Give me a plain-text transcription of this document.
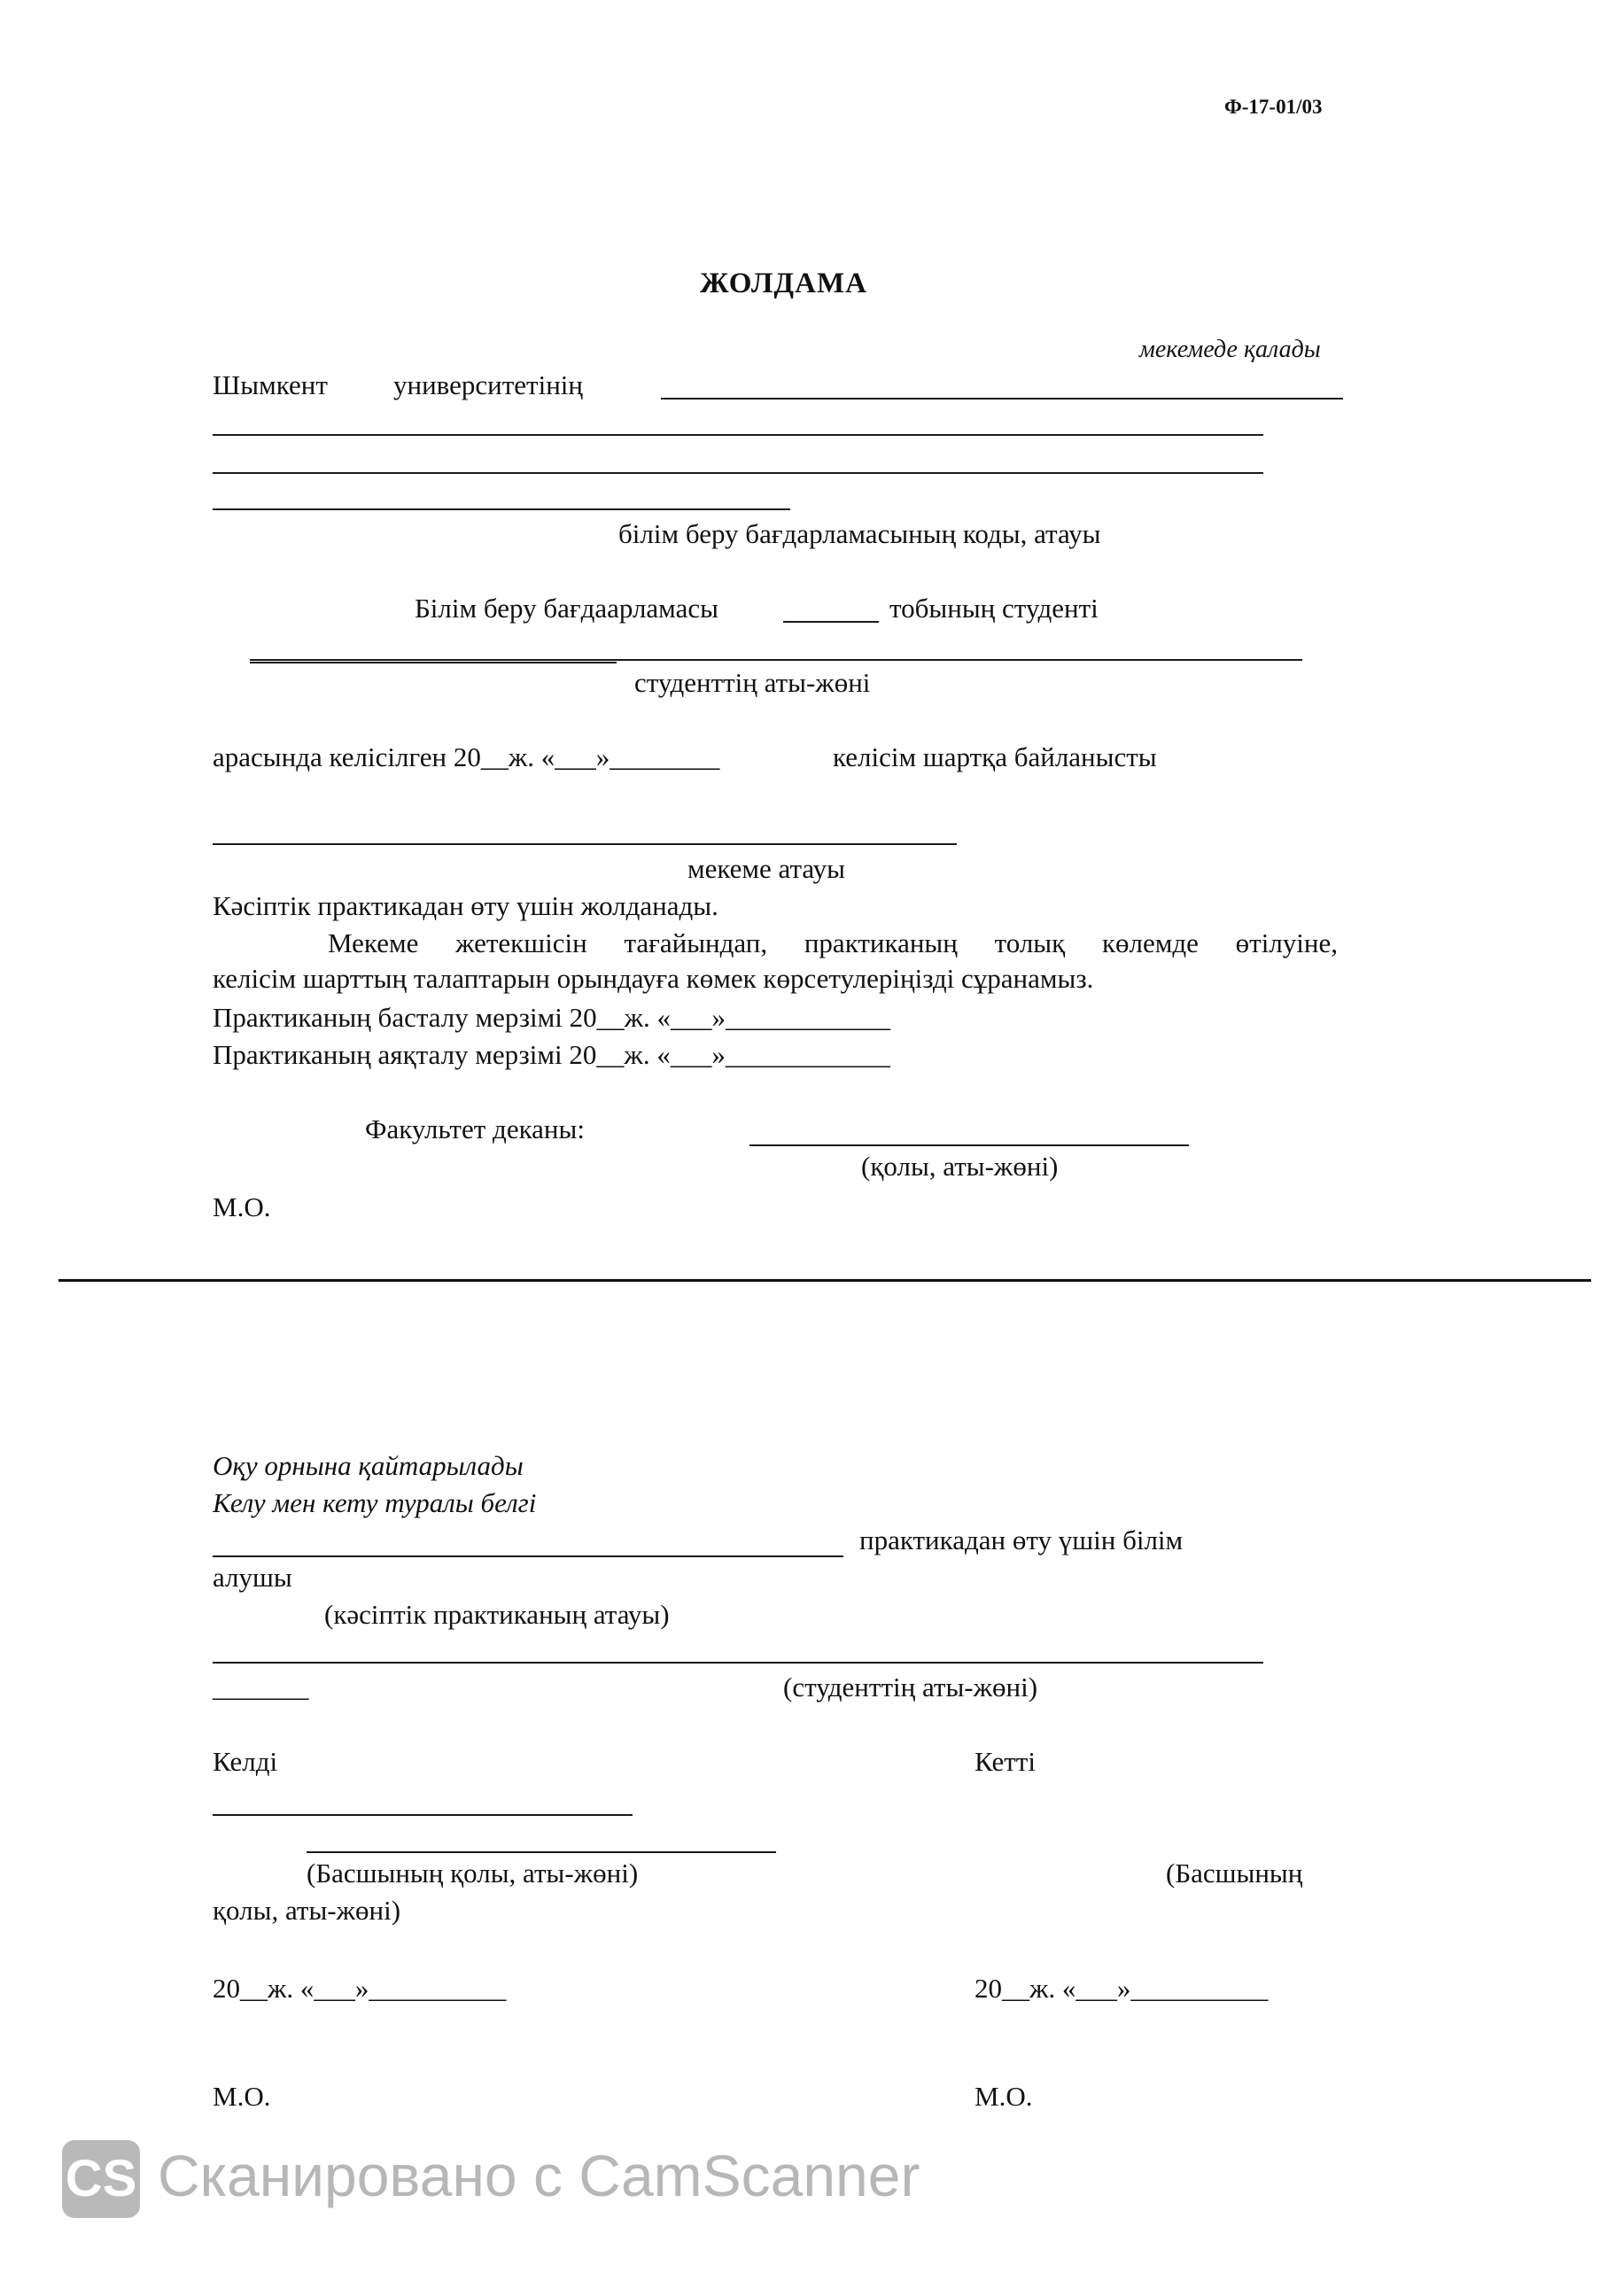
Ф-17-01/03
ЖОЛДАМА
мекемеде қалады
Шымкент университетінің
білім беру бағдарламасының коды, атауы
Білім беру бағдаарламасы	тобының студенті
студенттің аты-жөні
арасында келісілген 20__ж. «___»________	келісім шартқа байланысты
мекеме атауы
Кәсіптік практикадан өту үшін жолданады.
Мекеме жетекшісін тағайындап, практиканың толық көлемде өтілуіне,
келісім шарттың талаптарын орындауға көмек көрсетулеріңізді сұранамыз.
Практиканың басталу мерзімі 20__ж. «___»____________
Практиканың аяқталу мерзімі 20__ж. «___»____________
Факультет деканы:
(қолы, аты-жөні)
М.О.
Оқу орнына қайтарылады
Келу мен кету туралы белгі
практикадан өту үшін білім
алушы
(кәсіптік практиканың атауы)
_______	(студенттің аты-жөні)
Келді	Кетті
(Басшының қолы, аты-жөні)	(Басшының
қолы, аты-жөні)
20__ж. «___»__________	20__ж. «___»__________
М.О.	М.О.
CS Сканировано с CamScanner
